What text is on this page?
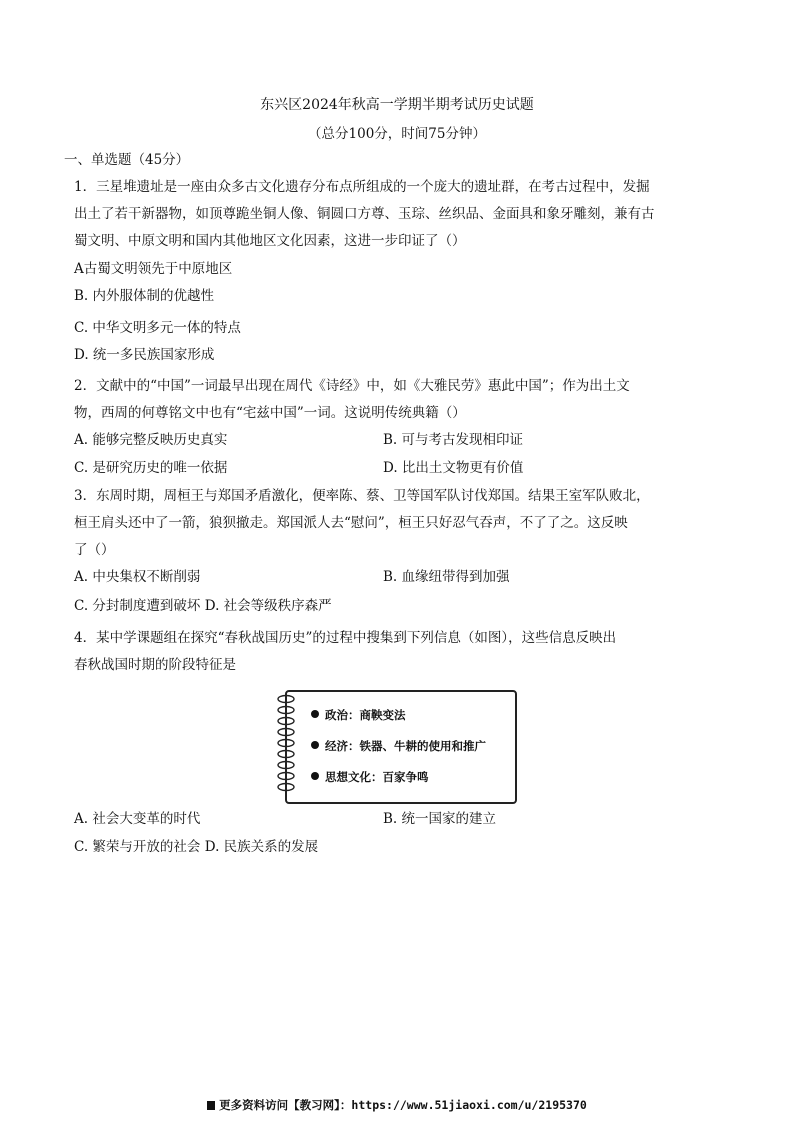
东兴区2024年秋高一学期半期考试历史试题
（总分100分，时间75分钟）
一、单选题（45分）
1．三星堆遗址是一座由众多古文化遗存分布点所组成的一个庞大的遗址群，在考古过程中，发掘
出土了若干新器物，如顶尊跪坐铜人像、铜圆口方尊、玉琮、丝织品、金面具和象牙雕刻，兼有古
蜀文明、中原文明和国内其他地区文化因素，这进一步印证了（）
A古蜀文明领先于中原地区
B. 内外服体制的优越性
C. 中华文明多元一体的特点
D. 统一多民族国家形成
2．文献中的“中国”一词最早出现在周代《诗经》中，如《大雅民劳》惠此中国”；作为出土文
物，西周的何尊铭文中也有“宅兹中国”一词。这说明传统典籍（）
A. 能够完整反映历史真实	B. 可与考古发现相印证
C. 是研究历史的唯一依据	D. 比出土文物更有价值
3．东周时期，周桓王与郑国矛盾激化，便率陈、蔡、卫等国军队讨伐郑国。结果王室军队败北，
桓王肩头还中了一箭，狼狈撤走。郑国派人去“慰问”，桓王只好忍气吞声，不了了之。这反映
了（）
A. 中央集权不断削弱	B. 血缘纽带得到加强
C. 分封制度遭到破坏 D. 社会等级秩序森严
4．某中学课题组在探究“春秋战国历史”的过程中搜集到下列信息（如图），这些信息反映出
春秋战国时期的阶段特征是
政治：商鞅变法
经济：铁器、牛耕的使用和推广
思想文化：百家争鸣
A. 社会大变革的时代	B. 统一国家的建立
C. 繁荣与开放的社会 D. 民族关系的发展
更多资料访问【教习网】：https://www.51jiaoxi.com/u/2195370
